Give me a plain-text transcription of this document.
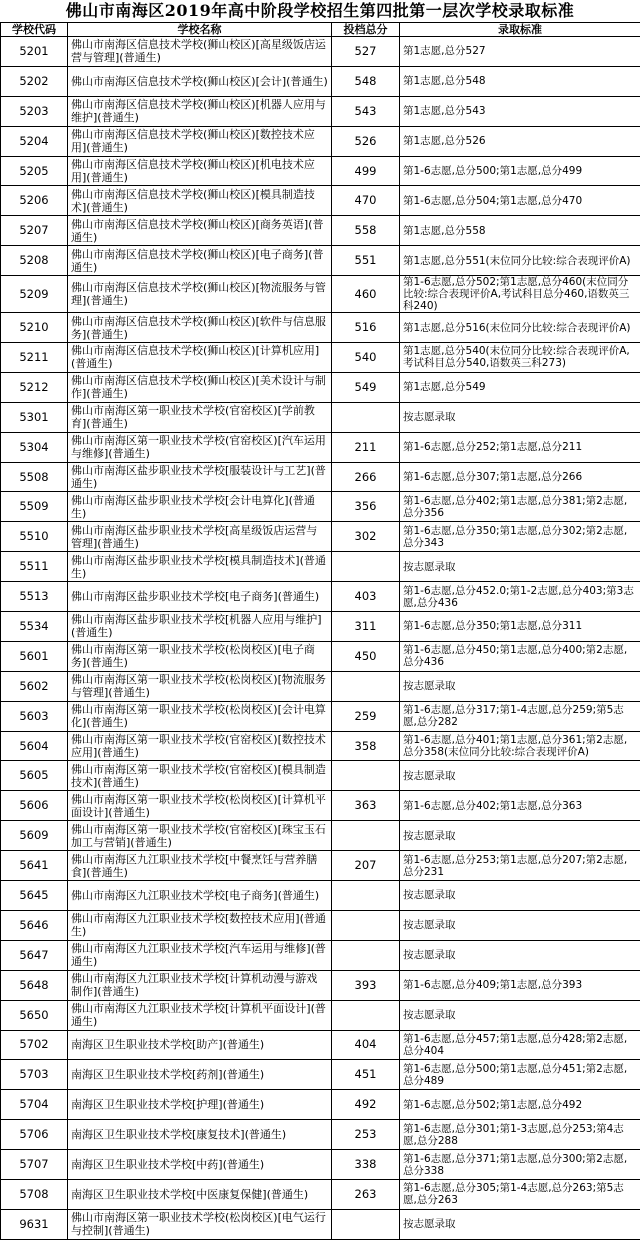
佛山市南海区2019年高中阶段学校招生第四批第一层次学校录取标准
学校代码	学校名称	投档总分	录取标准
5201	佛山市南海区信息技术学校(狮山校区)[高星级饭店运营与管理](普通生)	527	第1志愿,总分527
5202	佛山市南海区信息技术学校(狮山校区)[会计](普通生)	548	第1志愿,总分548
5203	佛山市南海区信息技术学校(狮山校区)[机器人应用与维护](普通生)	543	第1志愿,总分543
5204	佛山市南海区信息技术学校(狮山校区)[数控技术应用](普通生)	526	第1志愿,总分526
5205	佛山市南海区信息技术学校(狮山校区)[机电技术应用](普通生)	499	第1-6志愿,总分500;第1志愿,总分499
5206	佛山市南海区信息技术学校(狮山校区)[模具制造技术](普通生)	470	第1-6志愿,总分504;第1志愿,总分470
5207	佛山市南海区信息技术学校(狮山校区)[商务英语](普通生)	558	第1志愿,总分558
5208	佛山市南海区信息技术学校(狮山校区)[电子商务](普通生)	551	第1志愿,总分551(末位同分比较:综合表现评价A)
5209	佛山市南海区信息技术学校(狮山校区)[物流服务与管理](普通生)	460	第1-6志愿,总分502;第1志愿,总分460(末位同分比较:综合表现评价A,考试科目总分460,语数英三科240)
5210	佛山市南海区信息技术学校(狮山校区)[软件与信息服务](普通生)	516	第1志愿,总分516(末位同分比较:综合表现评价A)
5211	佛山市南海区信息技术学校(狮山校区)[计算机应用](普通生)	540	第1志愿,总分540(末位同分比较:综合表现评价A,考试科目总分540,语数英三科273)
5212	佛山市南海区信息技术学校(狮山校区)[美术设计与制作](普通生)	549	第1志愿,总分549
5301	佛山市南海区第一职业技术学校(官窑校区)[学前教育](普通生)		按志愿录取
5304	佛山市南海区第一职业技术学校(官窑校区)[汽车运用与维修](普通生)	211	第1-6志愿,总分252;第1志愿,总分211
5508	佛山市南海区盐步职业技术学校[服装设计与工艺](普通生)	266	第1-6志愿,总分307;第1志愿,总分266
5509	佛山市南海区盐步职业技术学校[会计电算化](普通生)	356	第1-6志愿,总分402;第1志愿,总分381;第2志愿,总分356
5510	佛山市南海区盐步职业技术学校[高星级饭店运营与管理](普通生)	302	第1-6志愿,总分350;第1志愿,总分302;第2志愿,总分343
5511	佛山市南海区盐步职业技术学校[模具制造技术](普通生)		按志愿录取
5513	佛山市南海区盐步职业技术学校[电子商务](普通生)	403	第1-6志愿,总分452.0;第1-2志愿,总分403;第3志愿,总分436
5534	佛山市南海区盐步职业技术学校[机器人应用与维护](普通生)	311	第1-6志愿,总分350;第1志愿,总分311
5601	佛山市南海区第一职业技术学校(松岗校区)[电子商务](普通生)	450	第1-6志愿,总分450;第1志愿,总分400;第2志愿,总分436
5602	佛山市南海区第一职业技术学校(松岗校区)[物流服务与管理](普通生)		按志愿录取
5603	佛山市南海区第一职业技术学校(松岗校区)[会计电算化](普通生)	259	第1-6志愿,总分317;第1-4志愿,总分259;第5志愿,总分282
5604	佛山市南海区第一职业技术学校(官窑校区)[数控技术应用](普通生)	358	第1-6志愿,总分401;第1志愿,总分361;第2志愿,总分358(末位同分比较:综合表现评价A)
5605	佛山市南海区第一职业技术学校(官窑校区)[模具制造技术](普通生)		按志愿录取
5606	佛山市南海区第一职业技术学校(松岗校区)[计算机平面设计](普通生)	363	第1-6志愿,总分402;第1志愿,总分363
5609	佛山市南海区第一职业技术学校(官窑校区)[珠宝玉石加工与营销](普通生)		按志愿录取
5641	佛山市南海区九江职业技术学校[中餐烹饪与营养膳食](普通生)	207	第1-6志愿,总分253;第1志愿,总分207;第2志愿,总分231
5645	佛山市南海区九江职业技术学校[电子商务](普通生)		按志愿录取
5646	佛山市南海区九江职业技术学校[数控技术应用](普通生)		按志愿录取
5647	佛山市南海区九江职业技术学校[汽车运用与维修](普通生)		按志愿录取
5648	佛山市南海区九江职业技术学校[计算机动漫与游戏制作](普通生)	393	第1-6志愿,总分409;第1志愿,总分393
5650	佛山市南海区九江职业技术学校[计算机平面设计](普通生)		按志愿录取
5702	南海区卫生职业技术学校[助产](普通生)	404	第1-6志愿,总分457;第1志愿,总分428;第2志愿,总分404
5703	南海区卫生职业技术学校[药剂](普通生)	451	第1-6志愿,总分500;第1志愿,总分451;第2志愿,总分489
5704	南海区卫生职业技术学校[护理](普通生)	492	第1-6志愿,总分502;第1志愿,总分492
5706	南海区卫生职业技术学校[康复技术](普通生)	253	第1-6志愿,总分301;第1-3志愿,总分253;第4志愿,总分288
5707	南海区卫生职业技术学校[中药](普通生)	338	第1-6志愿,总分371;第1志愿,总分300;第2志愿,总分338
5708	南海区卫生职业技术学校[中医康复保健](普通生)	263	第1-6志愿,总分305;第1-4志愿,总分263;第5志愿,总分263
9631	佛山市南海区第一职业技术学校(松岗校区)[电气运行与控制](普通生)		按志愿录取
